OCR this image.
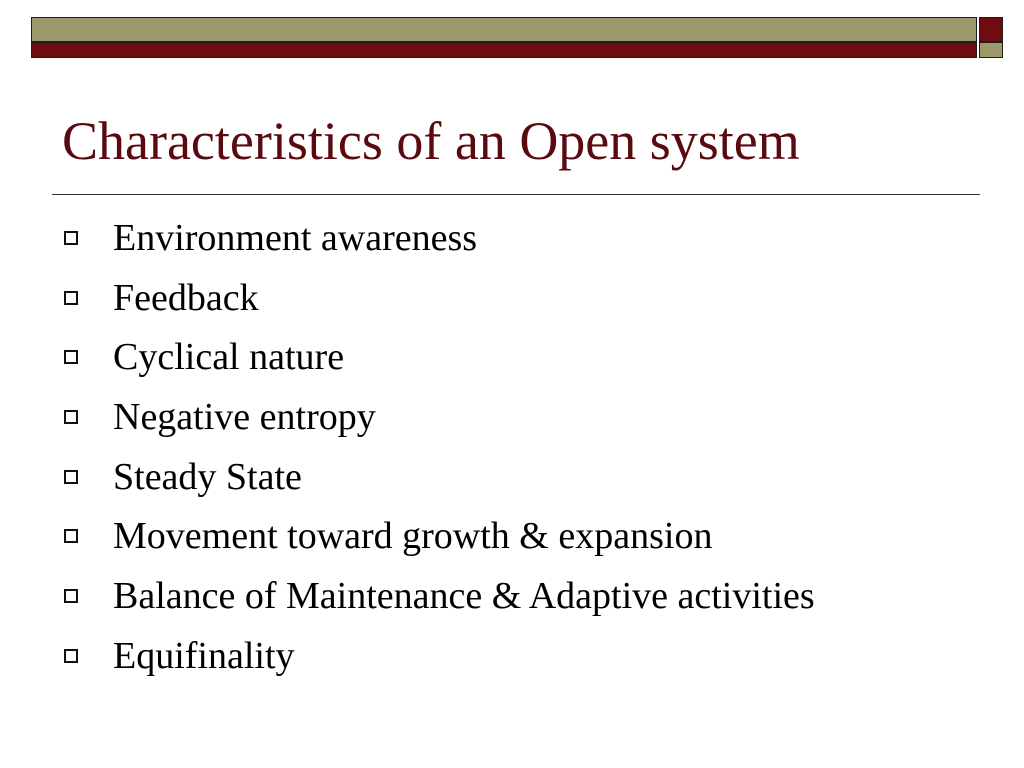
Characteristics of an Open system
Environment awareness
Feedback
Cyclical nature
Negative entropy
Steady State
Movement toward growth & expansion
Balance of Maintenance & Adaptive activities
Equifinality
